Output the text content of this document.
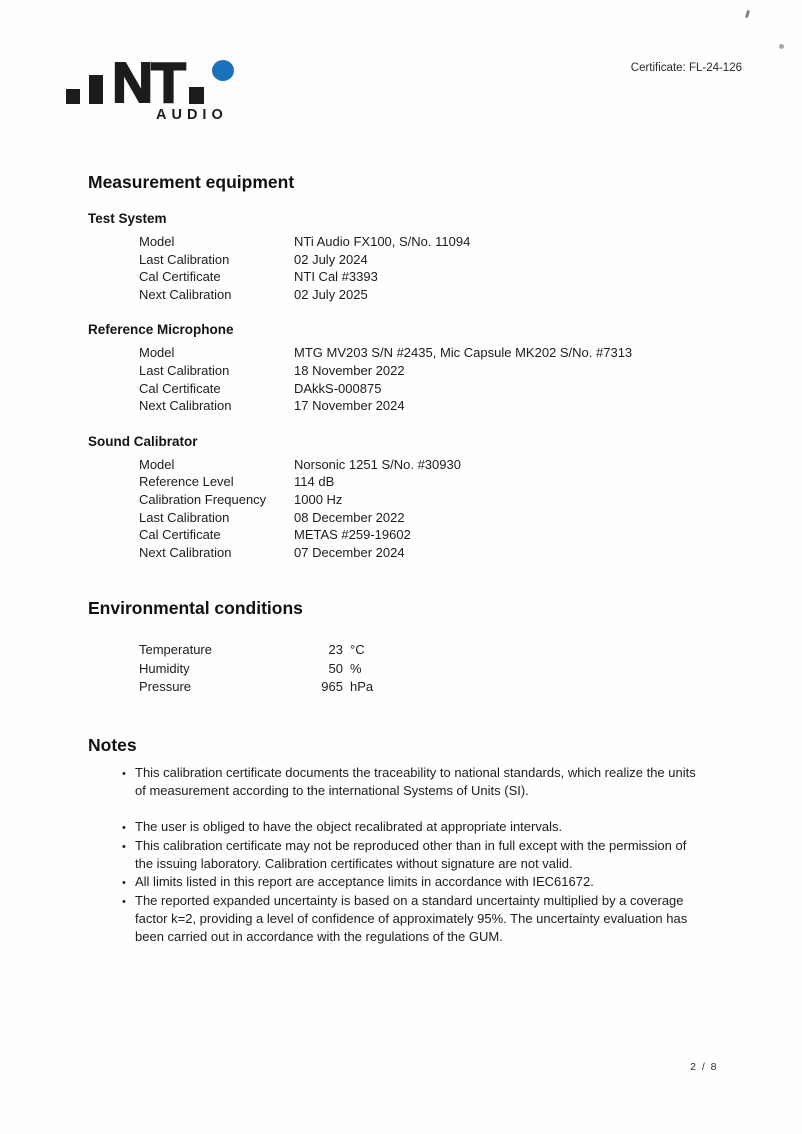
Certificate: FL-24-126
NT
AUDIO
Measurement equipment
Test System
Model	NTi Audio FX100, S/No. 11094
Last Calibration	02 July 2024
Cal Certificate	NTI Cal #3393
Next Calibration	02 July 2025
Reference Microphone
Model	MTG MV203 S/N #2435, Mic Capsule MK202 S/No. #7313
Last Calibration	18 November 2022
Cal Certificate	DAkkS-000875
Next Calibration	17 November 2024
Sound Calibrator
Model	Norsonic 1251 S/No. #30930
Reference Level	114 dB
Calibration Frequency	1000 Hz
Last Calibration	08 December 2022
Cal Certificate	METAS #259-19602
Next Calibration	07 December 2024
Environmental conditions
Temperature	23	°C
Humidity	50	%
Pressure	965	hPa
Notes
•
This calibration certificate documents the traceability to national standards, which realize the units of measurement according to the international Systems of Units (SI).
•
The user is obliged to have the object recalibrated at appropriate intervals.
•
This calibration certificate may not be reproduced other than in full except with the permission of the issuing laboratory. Calibration certificates without signature are not valid.
•
All limits listed in this report are acceptance limits in accordance with IEC61672.
•
The reported expanded uncertainty is based on a standard uncertainty multiplied by a coverage factor k=2, providing a level of confidence of approximately 95%. The uncertainty evaluation has been carried out in accordance with the regulations of the GUM.
2 / 8
